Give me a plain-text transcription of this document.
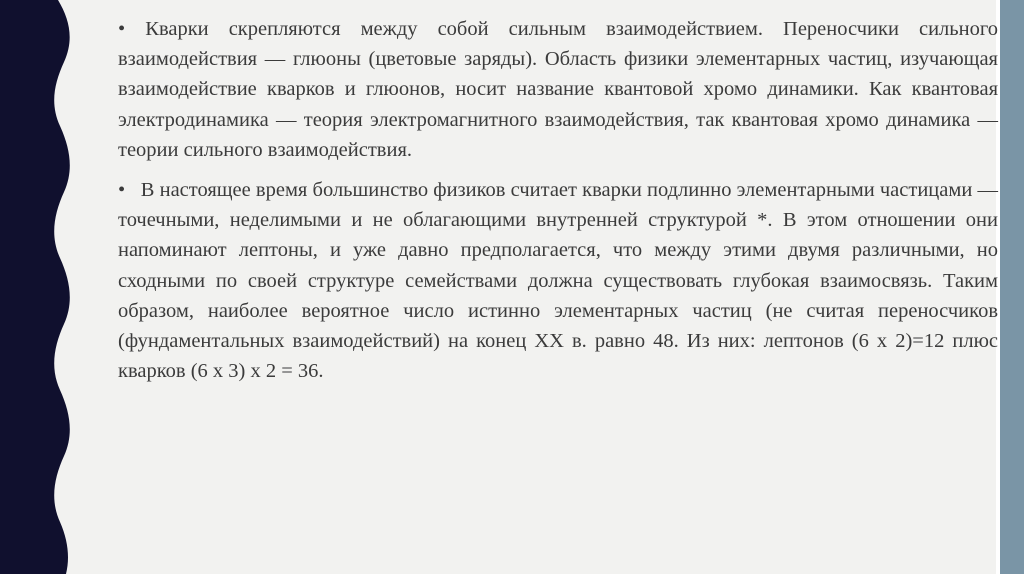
• Кварки скрепляются между собой сильным взаимодействием. Переносчики сильного взаимодействия — глюоны (цветовые заряды). Область физики элементарных частиц, изучающая взаимодействие кварков и глюонов, носит название квантовой хромо динамики. Как квантовая электродинамика — теория электромагнитного взаимодействия, так квантовая хромо динамика — теории сильного взаимодействия.

• В настоящее время большинство физиков считает кварки подлинно элементарными частицами — точечными, неделимыми и не облагающими внутренней структурой *. В этом отношении они напоминают лептоны, и уже давно предполагается, что между этими двумя различными, но сходными по своей структуре семействами должна существовать глубокая взаимосвязь. Таким образом, наиболее вероятное число истинно элементарных частиц (не считая переносчиков (фундаментальных взаимодействий) на конец XX в. равно 48. Из них: лептонов (6 x 2)=12 плюс кварков (6 x 3) x 2 = 36.
